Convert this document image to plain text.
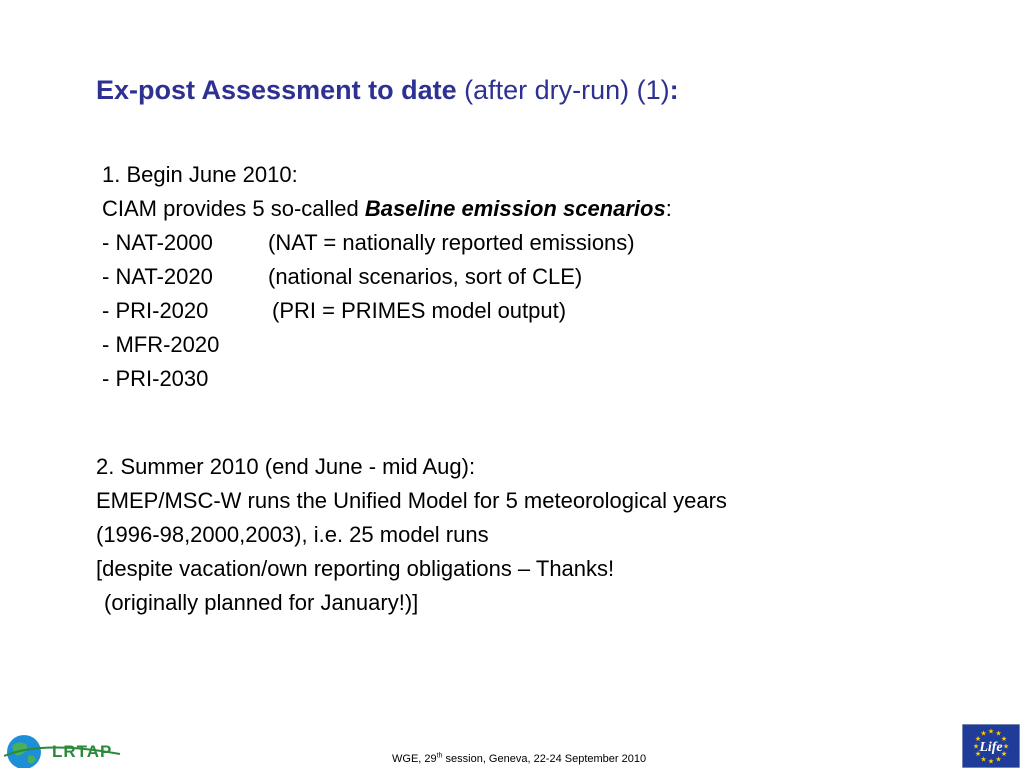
Ex-post Assessment to date (after dry-run) (1):
1. Begin June 2010:
CIAM provides 5 so-called Baseline emission scenarios:
- NAT-2000	(NAT = nationally reported emissions)
- NAT-2020	(national scenarios, sort of CLE)
- PRI-2020	(PRI = PRIMES model output)
- MFR-2020
- PRI-2030
2. Summer 2010 (end June - mid Aug):
EMEP/MSC-W runs the Unified Model for 5 meteorological years
(1996-98,2000,2003), i.e. 25 model runs
[despite vacation/own reporting obligations – Thanks!
(originally planned for January!)]
LRTAP	★
★
★
★
★
★
★
★
★ ★ ★
★
Life
WGE, 29th session, Geneva, 22-24 September 2010
